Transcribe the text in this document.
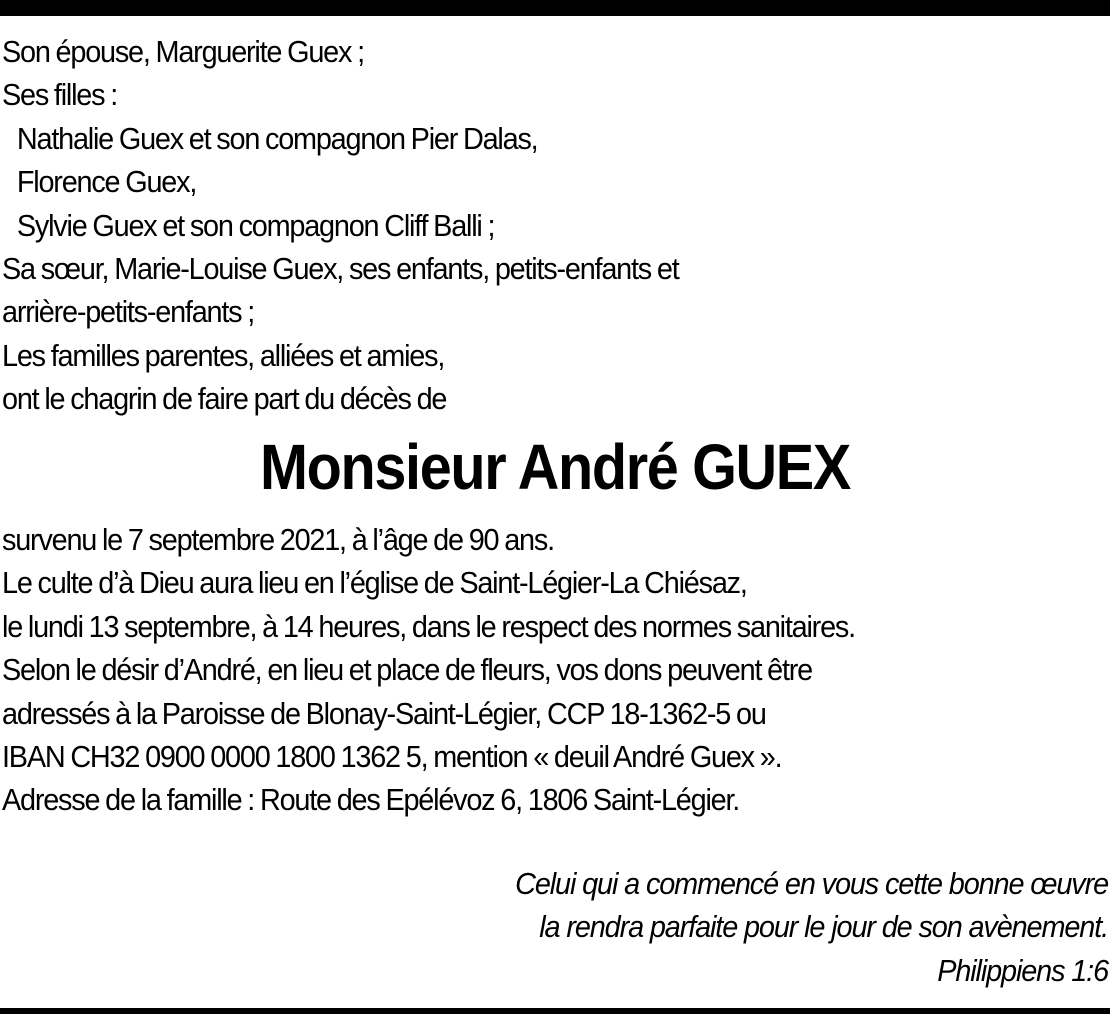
Son épouse, Marguerite Guex ;
Ses filles :
Nathalie Guex et son compagnon Pier Dalas,
Florence Guex,
Sylvie Guex et son compagnon Cliff Balli ;
Sa sœur, Marie-Louise Guex, ses enfants, petits-enfants et
arrière-petits-enfants ;
Les familles parentes, alliées et amies,
ont le chagrin de faire part du décès de
Monsieur André GUEX
survenu le 7 septembre 2021, à l’âge de 90 ans.
Le culte d’à Dieu aura lieu en l’église de Saint-Légier-La Chiésaz,
le lundi 13 septembre, à 14 heures, dans le respect des normes sanitaires.
Selon le désir d’André, en lieu et place de fleurs, vos dons peuvent être
adressés à la Paroisse de Blonay-Saint-Légier, CCP 18-1362-5 ou
IBAN CH32 0900 0000 1800 1362 5, mention « deuil André Guex ».
Adresse de la famille : Route des Epélévoz 6, 1806 Saint-Légier.
Celui qui a commencé en vous cette bonne œuvre
la rendra parfaite pour le jour de son avènement.
Philippiens 1:6
